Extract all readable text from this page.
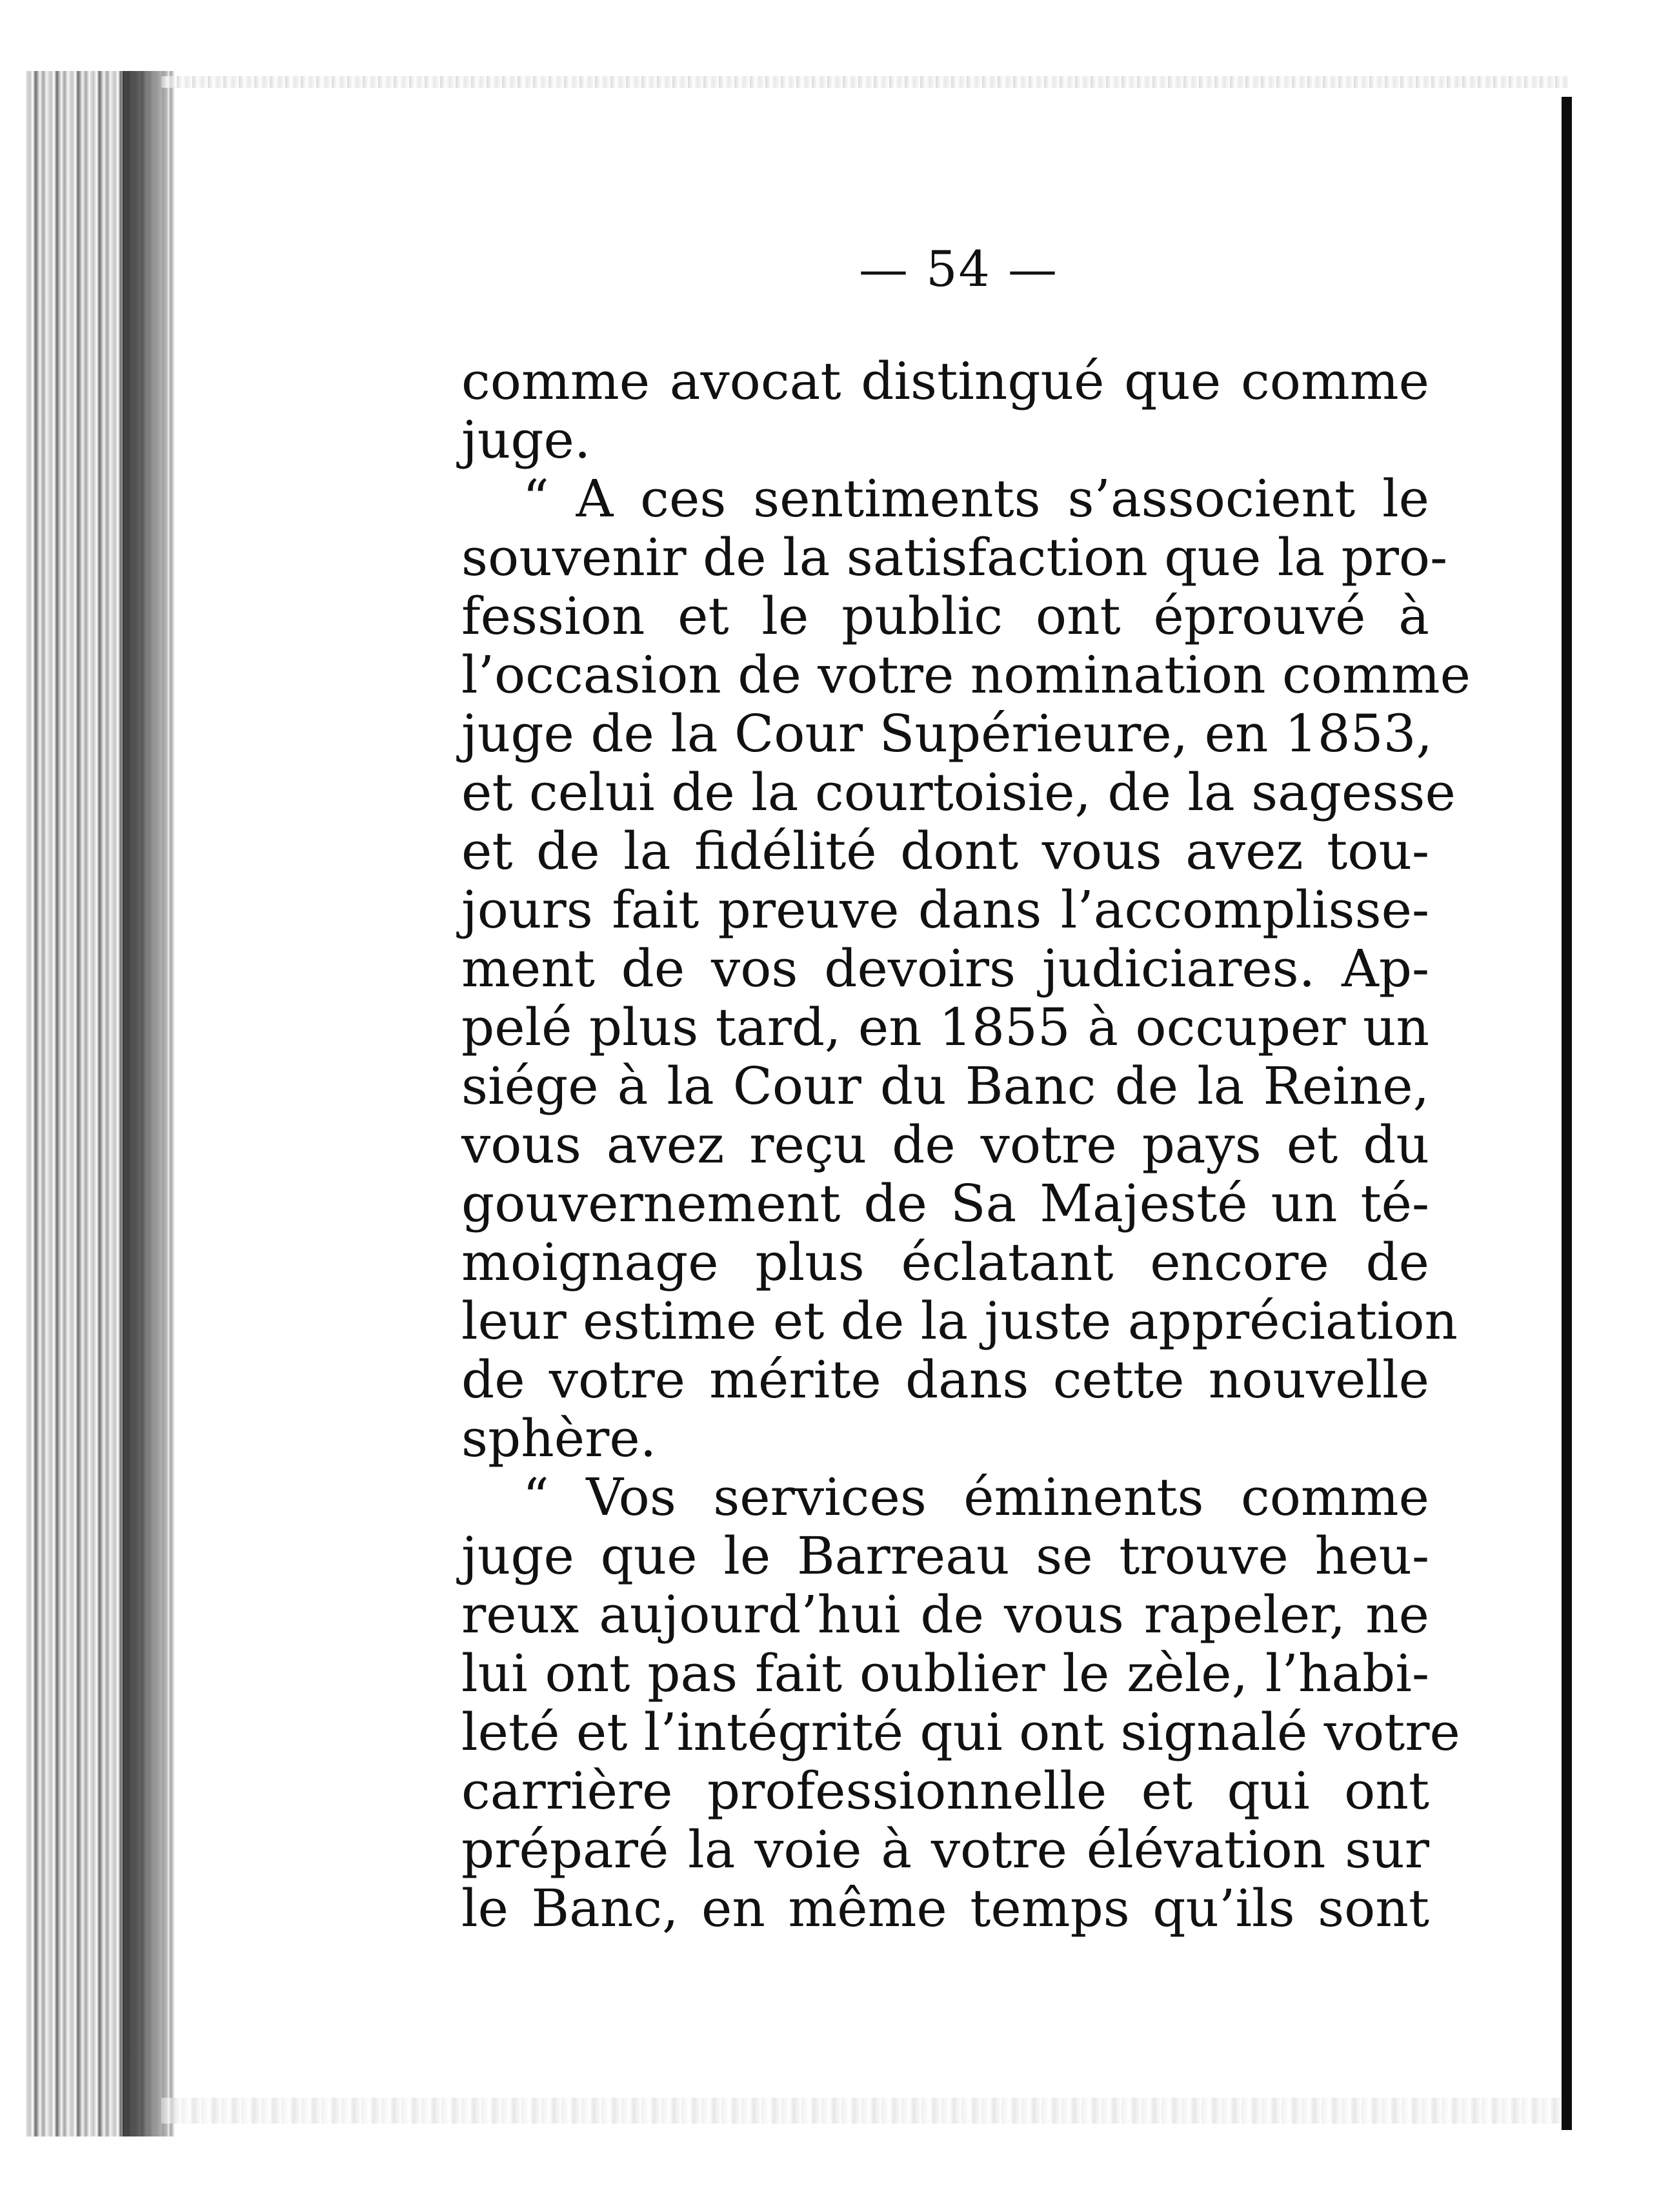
— 54 —
comme avocat distingué que comme
juge.
“ A ces sentiments s’associent le
souvenir de la satisfaction que la pro-
fession et le public ont éprouvé à
l’occasion de votre nomination comme
juge de la Cour Supérieure, en 1853,
et celui de la courtoisie, de la sagesse
et de la fidélité dont vous avez tou-
jours fait preuve dans l’accomplisse-
ment de vos devoirs judiciares. Ap-
pelé plus tard, en 1855 à occuper un
siége à la Cour du Banc de la Reine,
vous avez reçu de votre pays et du
gouvernement de Sa Majesté un té-
moignage plus éclatant encore de
leur estime et de la juste appréciation
de votre mérite dans cette nouvelle
sphère.
“ Vos services éminents comme
juge que le Barreau se trouve heu-
reux aujourd’hui de vous rapeler, ne
lui ont pas fait oublier le zèle, l’habi-
leté et l’intégrité qui ont signalé votre
carrière professionnelle et qui ont
préparé la voie à votre élévation sur
le Banc, en même temps qu’ils sont
